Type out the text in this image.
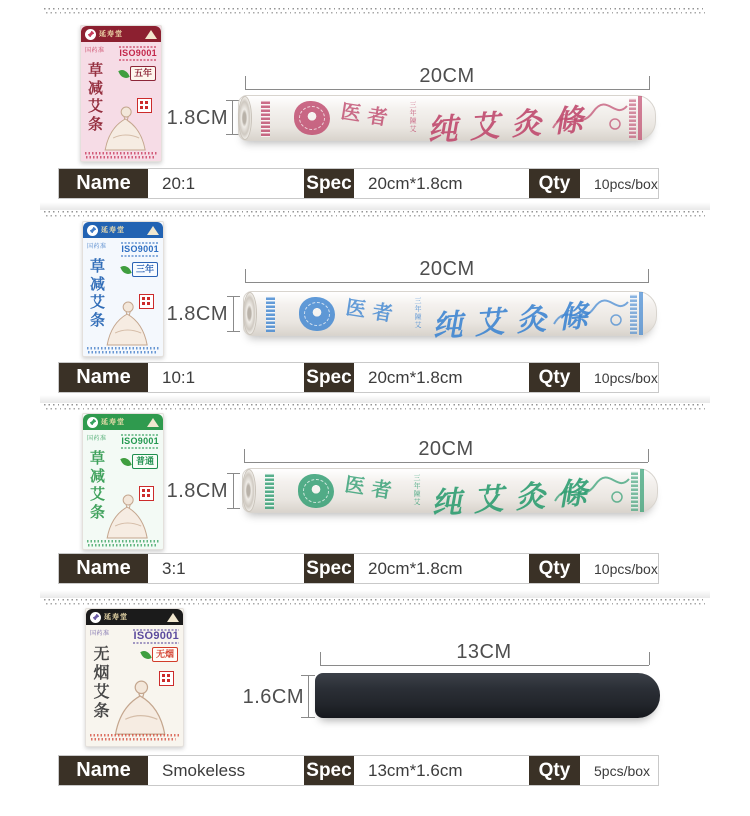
延寿堂
国药准 ISO9001
草减艾条	五年	20CM
1.8CM	医者 三年陳艾 纯艾灸條
Name	20:1	Spec 20cm*1.8cm	Qty	10pcs/box
延寿堂
国药准 ISO9001
草减艾条	三年	20CM
1.8CM	医者 三年陳艾 纯艾灸條
Name	10:1	Spec 20cm*1.8cm	Qty	10pcs/box
延寿堂
国药准 ISO9001
草减艾条	普通
20CM
1.8CM	医者 三年陳艾 纯艾灸條
Name	3:1	Spec 20cm*1.8cm	Qty	10pcs/box
延寿堂
国药准 ISO9001
无烟艾条	无烟	13CM
1.6CM
Name	Smokeless	Spec 13cm*1.6cm	Qty	5pcs/box
